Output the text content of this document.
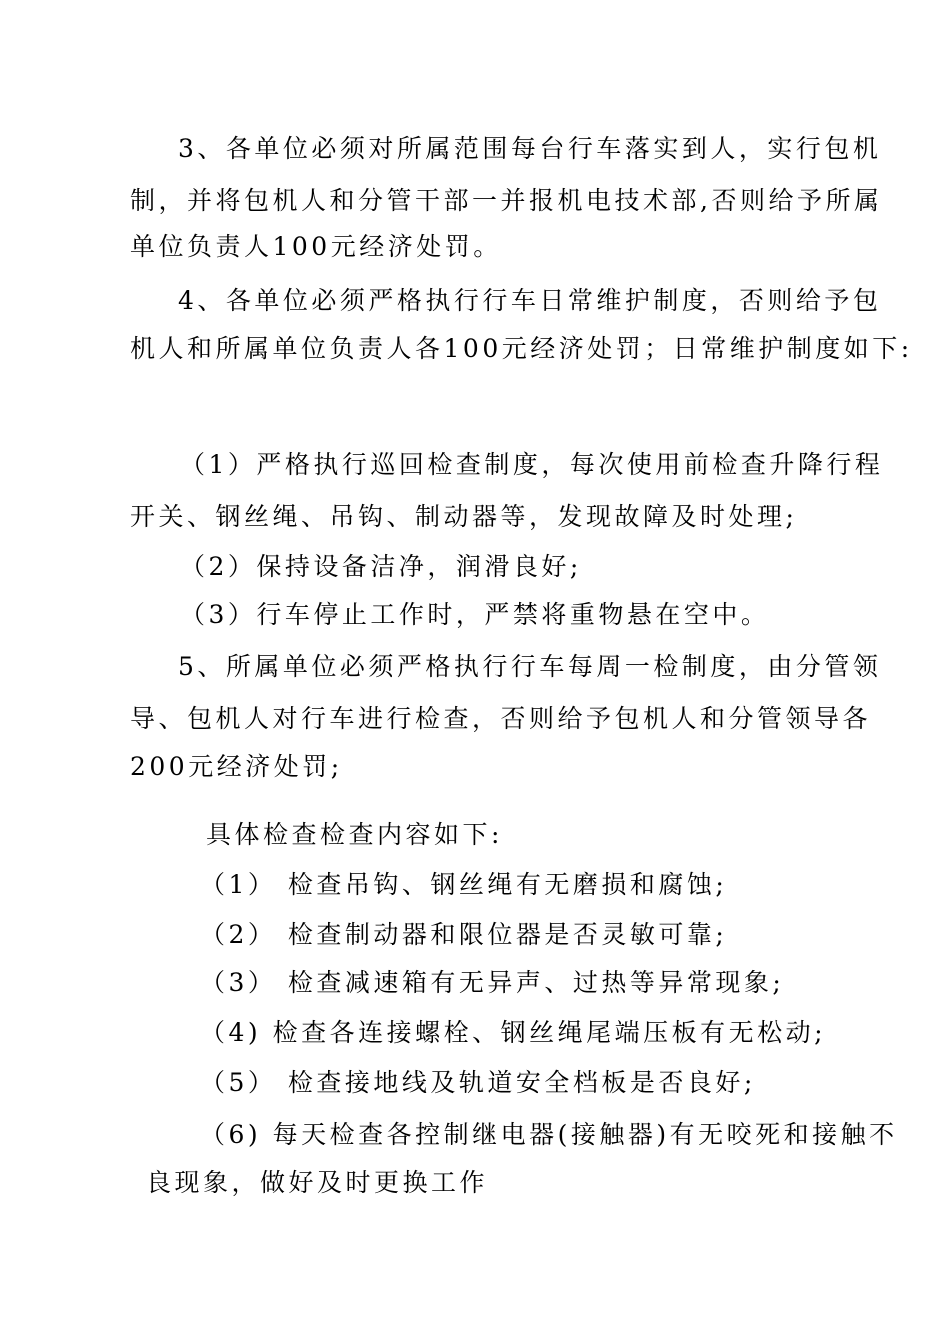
3、各单位必须对所属范围每台行车落实到人，实行包机
制，并将包机人和分管干部一并报机电技术部,否则给予所属
单位负责人100元经济处罚。
4、各单位必须严格执行行车日常维护制度，否则给予包
机人和所属单位负责人各100元经济处罚；日常维护制度如下:
（1）严格执行巡回检查制度，每次使用前检查升降行程
开关、钢丝绳、吊钩、制动器等，发现故障及时处理;
（2）保持设备洁净，润滑良好;
（3）行车停止工作时，严禁将重物悬在空中。
5、所属单位必须严格执行行车每周一检制度，由分管领
导、包机人对行车进行检查，否则给予包机人和分管领导各
200元经济处罚;
具体检查检查内容如下:
（1） 检查吊钩、钢丝绳有无磨损和腐蚀;
（2） 检查制动器和限位器是否灵敏可靠;
（3） 检查减速箱有无异声、过热等异常现象;
（4) 检查各连接螺栓、钢丝绳尾端压板有无松动;
（5） 检查接地线及轨道安全档板是否良好;
（6) 每天检查各控制继电器(接触器)有无咬死和接触不
良现象，做好及时更换工作
